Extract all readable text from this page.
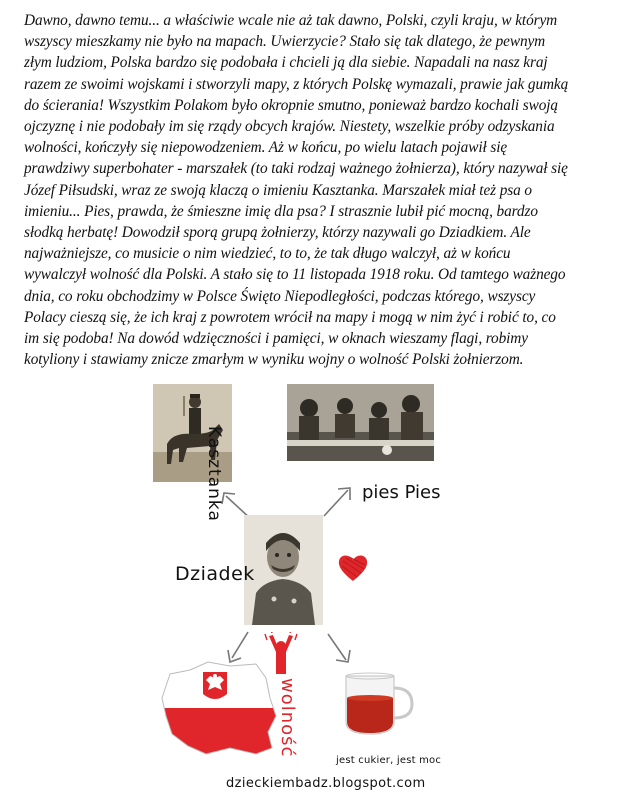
Dawno, dawno temu... a właściwie wcale nie aż tak dawno, Polski, czyli kraju, w którym

wszyscy mieszkamy nie było na mapach. Uwierzycie? Stało się tak dlatego, że pewnym

złym ludziom, Polska bardzo się podobała i chcieli ją dla siebie. Napadali na nasz kraj

razem ze swoimi wojskami i stworzyli mapy, z których Polskę wymazali, prawie jak gumką

do ścierania! Wszystkim Polakom było okropnie smutno, ponieważ bardzo kochali swoją

ojczyznę i nie podobały im się rządy obcych krajów. Niestety, wszelkie próby odzyskania

wolności, kończyły się niepowodzeniem. Aż w końcu, po wielu latach pojawił się

prawdziwy superbohater - marszałek (to taki rodzaj ważnego żołnierza), który nazywał się

Józef Piłsudski, wraz ze swoją klaczą o imieniu Kasztanka. Marszałek miał też psa o

imieniu... Pies, prawda, że śmieszne imię dla psa? I strasznie lubił pić mocną, bardzo

słodką herbatę! Dowodził sporą grupą żołnierzy, którzy nazywali go Dziadkiem. Ale

najważniejsze, co musicie o nim wiedzieć, to to, że tak długo walczył, aż w końcu

wywalczył wolność dla Polski. A stało się to 11 listopada 1918 roku. Od tamtego ważnego

dnia, co roku obchodzimy w Polsce Święto Niepodległości, podczas którego, wszyscy

Polacy cieszą się, że ich kraj z powrotem wrócił na mapy i mogą w nim żyć i robić to, co

im się podoba! Na dowód wdzięczności i pamięci, w oknach wieszamy flagi, robimy

kotyliony i stawiamy znicze zmarłym w wyniku wojny o wolność Polski żołnierzom.

Kasztanka	pies Pies
Dziadek
wolność
jest cukier, jest moc
dzieckiembadz.blogspot.com
